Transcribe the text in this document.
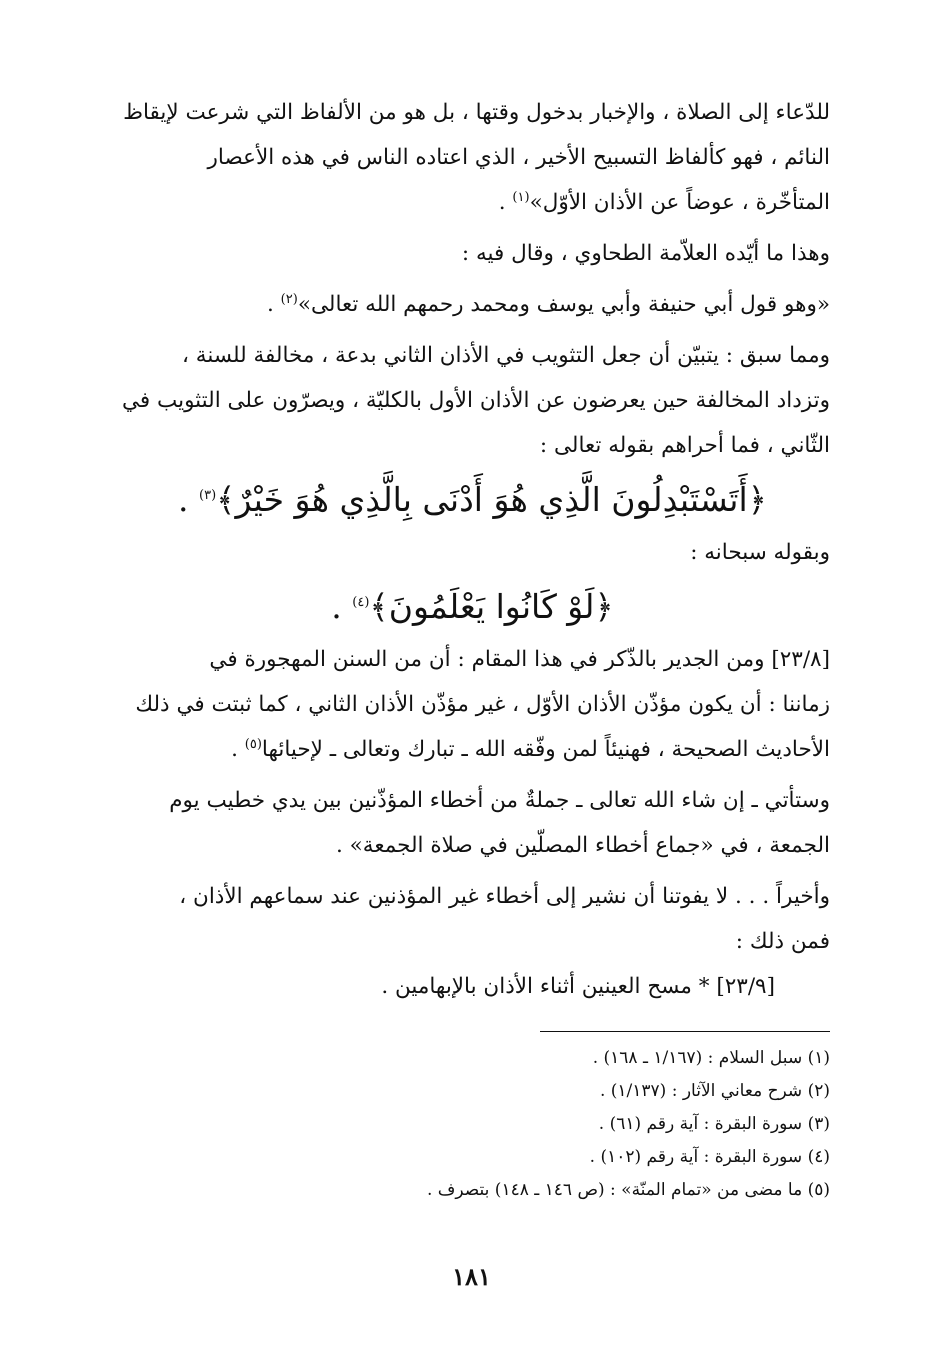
للدّعاء إلى الصلاة ، والإخبار بدخول وقتها ، بل هو من الألفاظ التي شرعت لإيقاظ
النائم ، فهو كألفاظ التسبيح الأخير ، الذي اعتاده الناس في هذه الأعصار
المتأخّرة ، عوضاً عن الأذان الأوّل»$^{(١)}$ .

وهذا ما أيّده العلاّمة الطحاوي ، وقال فيه :

«وهو قول أبي حنيفة وأبي يوسف ومحمد رحمهم الله تعالى»$^{(٢)}$ .

ومما سبق : يتبيّن أن جعل التثويب في الأذان الثاني بدعة ، مخالفة للسنة ،
وتزداد المخالفة حين يعرضون عن الأذان الأول بالكليّة ، ويصرّون على التثويب في
الثّاني ، فما أحراهم بقوله تعالى :

﴿أَتَسْتَبْدِلُونَ الَّذِي هُوَ أَدْنَى بِالَّذِي هُوَ خَيْرٌ﴾$^{(٣)}$ .

وبقوله سبحانه :

﴿لَوْ كَانُوا يَعْلَمُونَ﴾$^{(٤)}$ .

[٢٣/٨] ومن الجدير بالذّكر في هذا المقام : أن من السنن المهجورة في
زماننا : أن يكون مؤذّن الأذان الأوّل ، غير مؤذّن الأذان الثاني ، كما ثبتت في ذلك
الأحاديث الصحيحة ، فهنيئاً لمن وفّقه الله ـ تبارك وتعالى ـ لإحيائها$^{(٥)}$ .

وستأتي ـ إن شاء الله تعالى ـ جملةٌ من أخطاء المؤذّنين بين يدي خطيب يوم
الجمعة ، في «جماع أخطاء المصلّين في صلاة الجمعة» .

وأخيراً . . . لا يفوتنا أن نشير إلى أخطاء غير المؤذنين عند سماعهم الأذان ،
فمن ذلك :

[٢٣/٩] * مسح العينين أثناء الأذان بالإبهامين .

(١) سبل السلام : (١/١٦٧ ـ ١٦٨) .

(٢) شرح معاني الآثار : (١/١٣٧) .

(٣) سورة البقرة : آية رقم (٦١) .

(٤) سورة البقرة : آية رقم (١٠٢) .

(٥) ما مضى من «تمام المنّة» : (ص ١٤٦ ـ ١٤٨) بتصرف .

١٨١
